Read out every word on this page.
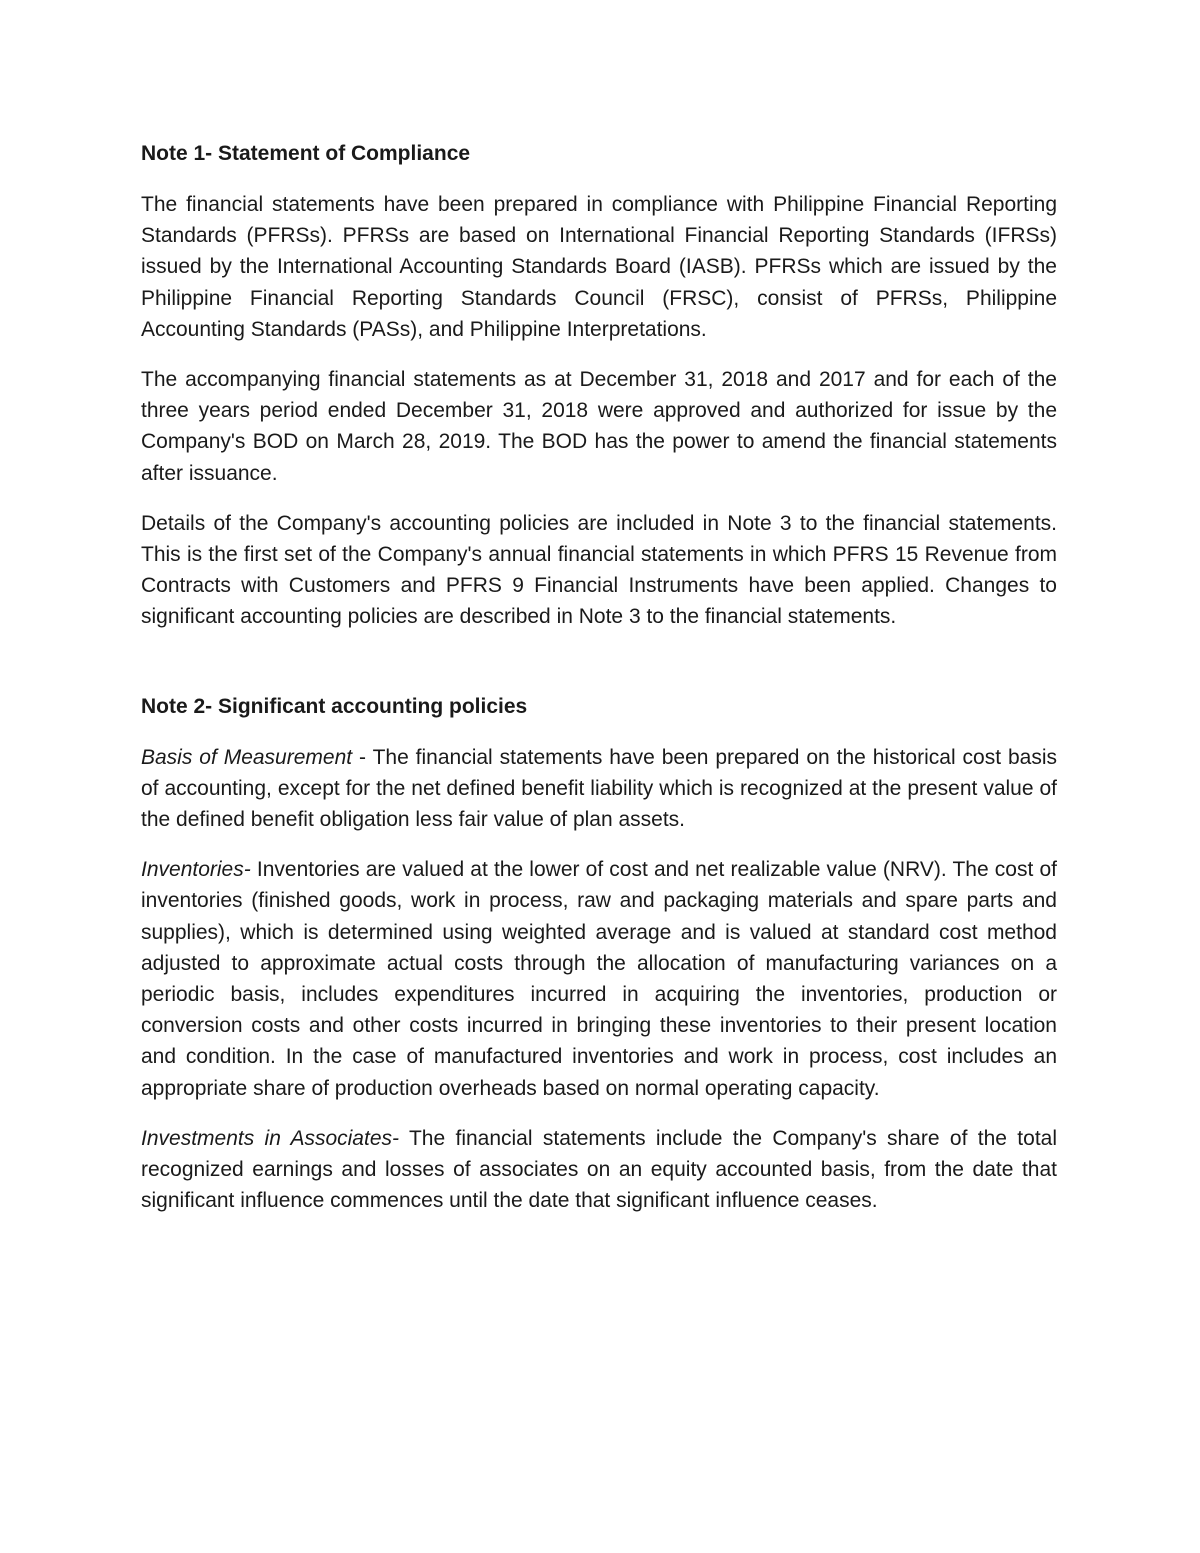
Note 1- Statement of Compliance

The financial statements have been prepared in compliance with Philippine Financial Reporting Standards (PFRSs). PFRSs are based on International Financial Reporting Standards (IFRSs) issued by the International Accounting Standards Board (IASB). PFRSs which are issued by the Philippine Financial Reporting Standards Council (FRSC), consist of PFRSs, Philippine Accounting Standards (PASs), and Philippine Interpretations.

The accompanying financial statements as at December 31, 2018 and 2017 and for each of the three years period ended December 31, 2018 were approved and authorized for issue by the Company's BOD on March 28, 2019. The BOD has the power to amend the financial statements after issuance.

Details of the Company's accounting policies are included in Note 3 to the financial statements. This is the first set of the Company's annual financial statements in which PFRS 15 Revenue from Contracts with Customers and PFRS 9 Financial Instruments have been applied. Changes to significant accounting policies are described in Note 3 to the financial statements.

Note 2- Significant accounting policies

Basis of Measurement - The financial statements have been prepared on the historical cost basis of accounting, except for the net defined benefit liability which is recognized at the present value of the defined benefit obligation less fair value of plan assets.

Inventories- Inventories are valued at the lower of cost and net realizable value (NRV). The cost of inventories (finished goods, work in process, raw and packaging materials and spare parts and supplies), which is determined using weighted average and is valued at standard cost method adjusted to approximate actual costs through the allocation of manufacturing variances on a periodic basis, includes expenditures incurred in acquiring the inventories, production or conversion costs and other costs incurred in bringing these inventories to their present location and condition. In the case of manufactured inventories and work in process, cost includes an appropriate share of production overheads based on normal operating capacity.

Investments in Associates- The financial statements include the Company's share of the total recognized earnings and losses of associates on an equity accounted basis, from the date that significant influence commences until the date that significant influence ceases.
